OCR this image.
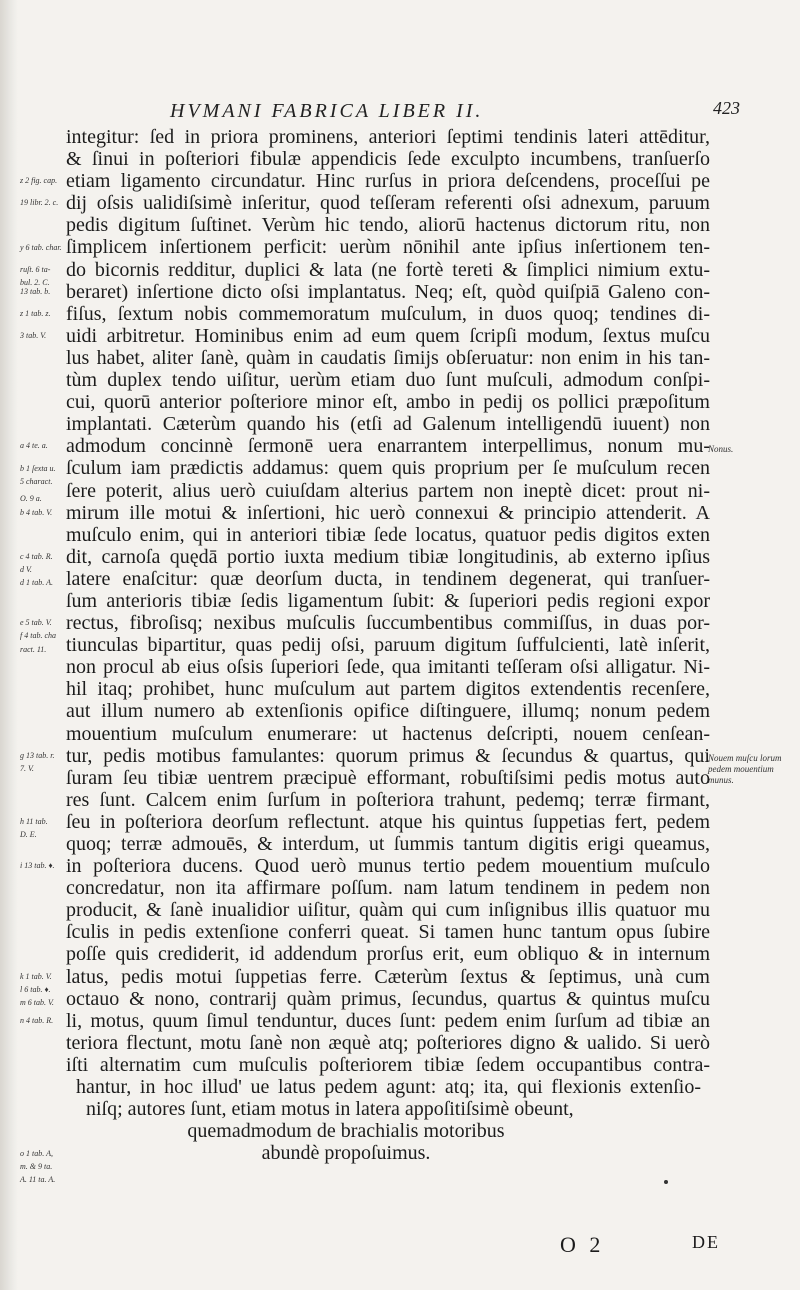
HVMANI FABRICA LIBER II.	423
z 2 fig. cap.
19 libr. 2. c.
y 6 tab. char.
ruſt. 6 ta-
bul. 2. C.
13 tab. b.
z 1 tab. z.
3 tab. V.
a 4 te. a.
b 1 ſexta u.
5 charact.
O. 9 a.
b 4 tab. V.
c 4 tab. R.
d V.
d 1 tab. A.
e 5 tab. V.
f 4 tab. cha
ract. 11.
g 13 tab. r.
7. V.
h 11 tab.
D. E.
i 13 tab. ♦.
k 1 tab. V.
l 6 tab. ♦.
m 6 tab. V.
n 4 tab. R.
o 1 tab. A,
m. & 9 ta.
A. 11 ta. A.
integitur: ſed in priora prominens, anteriori ſeptimi tendinis lateri attēditur,
& ſinui in poſteriori fibulæ appendicis ſede exculpto incumbens, tranſuerſo
etiam ligamento circundatur. Hinc rurſus in priora deſcendens, proceſſui pe
dij oſsis ualidiſsimè inſeritur, quod teſſeram referenti oſsi adnexum, paruum
pedis digitum ſuſtinet. Verùm hic tendo, aliorū hactenus dictorum ritu, non
ſimplicem inſertionem perficit: uerùm nōnihil ante ipſius inſertionem ten-
do bicornis redditur, duplici & lata (ne fortè tereti & ſimplici nimium extu-
beraret) inſertione dicto oſsi implantatus. Neq; eſt, quòd quiſpiā Galeno con-
fiſus, ſextum nobis commemoratum muſculum, in duos quoq; tendines di-
uidi arbitretur. Hominibus enim ad eum quem ſcripſi modum, ſextus muſcu
lus habet, aliter ſanè, quàm in caudatis ſimijs obſeruatur: non enim in his tan-
tùm duplex tendo uiſitur, uerùm etiam duo ſunt muſculi, admodum conſpi-
cui, quorū anterior poſteriore minor eſt, ambo in pedij os pollici præpoſitum
implantati. Cæterùm quando his (etſi ad Galenum intelligendū iuuent) non
admodum concinnè ſermonē uera enarrantem interpellimus, nonum mu-
ſculum iam prædictis addamus: quem quis proprium per ſe muſculum recen
ſere poterit, alius uerò cuiuſdam alterius partem non ineptè dicet: prout ni-
mirum ille motui & inſertioni, hic uerò connexui & principio attenderit. A
muſculo enim, qui in anteriori tibiæ ſede locatus, quatuor pedis digitos exten
dit, carnoſa quędā portio iuxta medium tibiæ longitudinis, ab externo ipſius
latere enaſcitur: quæ deorſum ducta, in tendinem degenerat, qui tranſuer-
ſum anterioris tibiæ ſedis ligamentum ſubit: & ſuperiori pedis regioni expor
rectus, fibroſisq; nexibus muſculis ſuccumbentibus commiſſus, in duas por-
tiunculas bipartitur, quas pedij oſsi, paruum digitum ſuffulcienti, latè inſerit,
non procul ab eius oſsis ſuperiori ſede, qua imitanti teſſeram oſsi alligatur. Ni-
hil itaq; prohibet, hunc muſculum aut partem digitos extendentis recenſere,
aut illum numero ab extenſionis opifice diſtinguere, illumq; nonum pedem
mouentium muſculum enumerare: ut hactenus deſcripti, nouem cenſean-
tur, pedis motibus famulantes: quorum primus & ſecundus & quartus, qui
ſuram ſeu tibiæ uentrem præcipuè efformant, robuſtiſsimi pedis motus auto
res ſunt. Calcem enim ſurſum in poſteriora trahunt, pedemq; terræ firmant,
ſeu in poſteriora deorſum reflectunt. atque his quintus ſuppetias fert, pedem
quoq; terræ admouēs, & interdum, ut ſummis tantum digitis erigi queamus,
in poſteriora ducens. Quod uerò munus tertio pedem mouentium muſculo
concredatur, non ita affirmare poſſum. nam latum tendinem in pedem non
producit, & ſanè inualidior uiſitur, quàm qui cum inſignibus illis quatuor mu
ſculis in pedis extenſione conferri queat. Si tamen hunc tantum opus ſubire
poſſe quis crediderit, id addendum prorſus erit, eum obliquo & in internum
latus, pedis motui ſuppetias ferre. Cæterùm ſextus & ſeptimus, unà cum
octauo & nono, contrarij quàm primus, ſecundus, quartus & quintus muſcu
li, motus, quum ſimul tenduntur, duces ſunt: pedem enim ſurſum ad tibiæ an
teriora flectunt, motu ſanè non æquè atq; poſteriores digno & ualido. Si uerò
iſti alternatim cum muſculis poſteriorem tibiæ ſedem occupantibus contra-
hantur, in hoc illud' ue latus pedem agunt: atq; ita, qui flexionis extenſio-
niſq; autores ſunt, etiam motus in latera appoſitiſsimè obeunt,
quemadmodum de brachialis motoribus
abundè propoſuimus.
Nonus.
Nouem muſcu lorum pedem mouentium munus.
O 2	DE
